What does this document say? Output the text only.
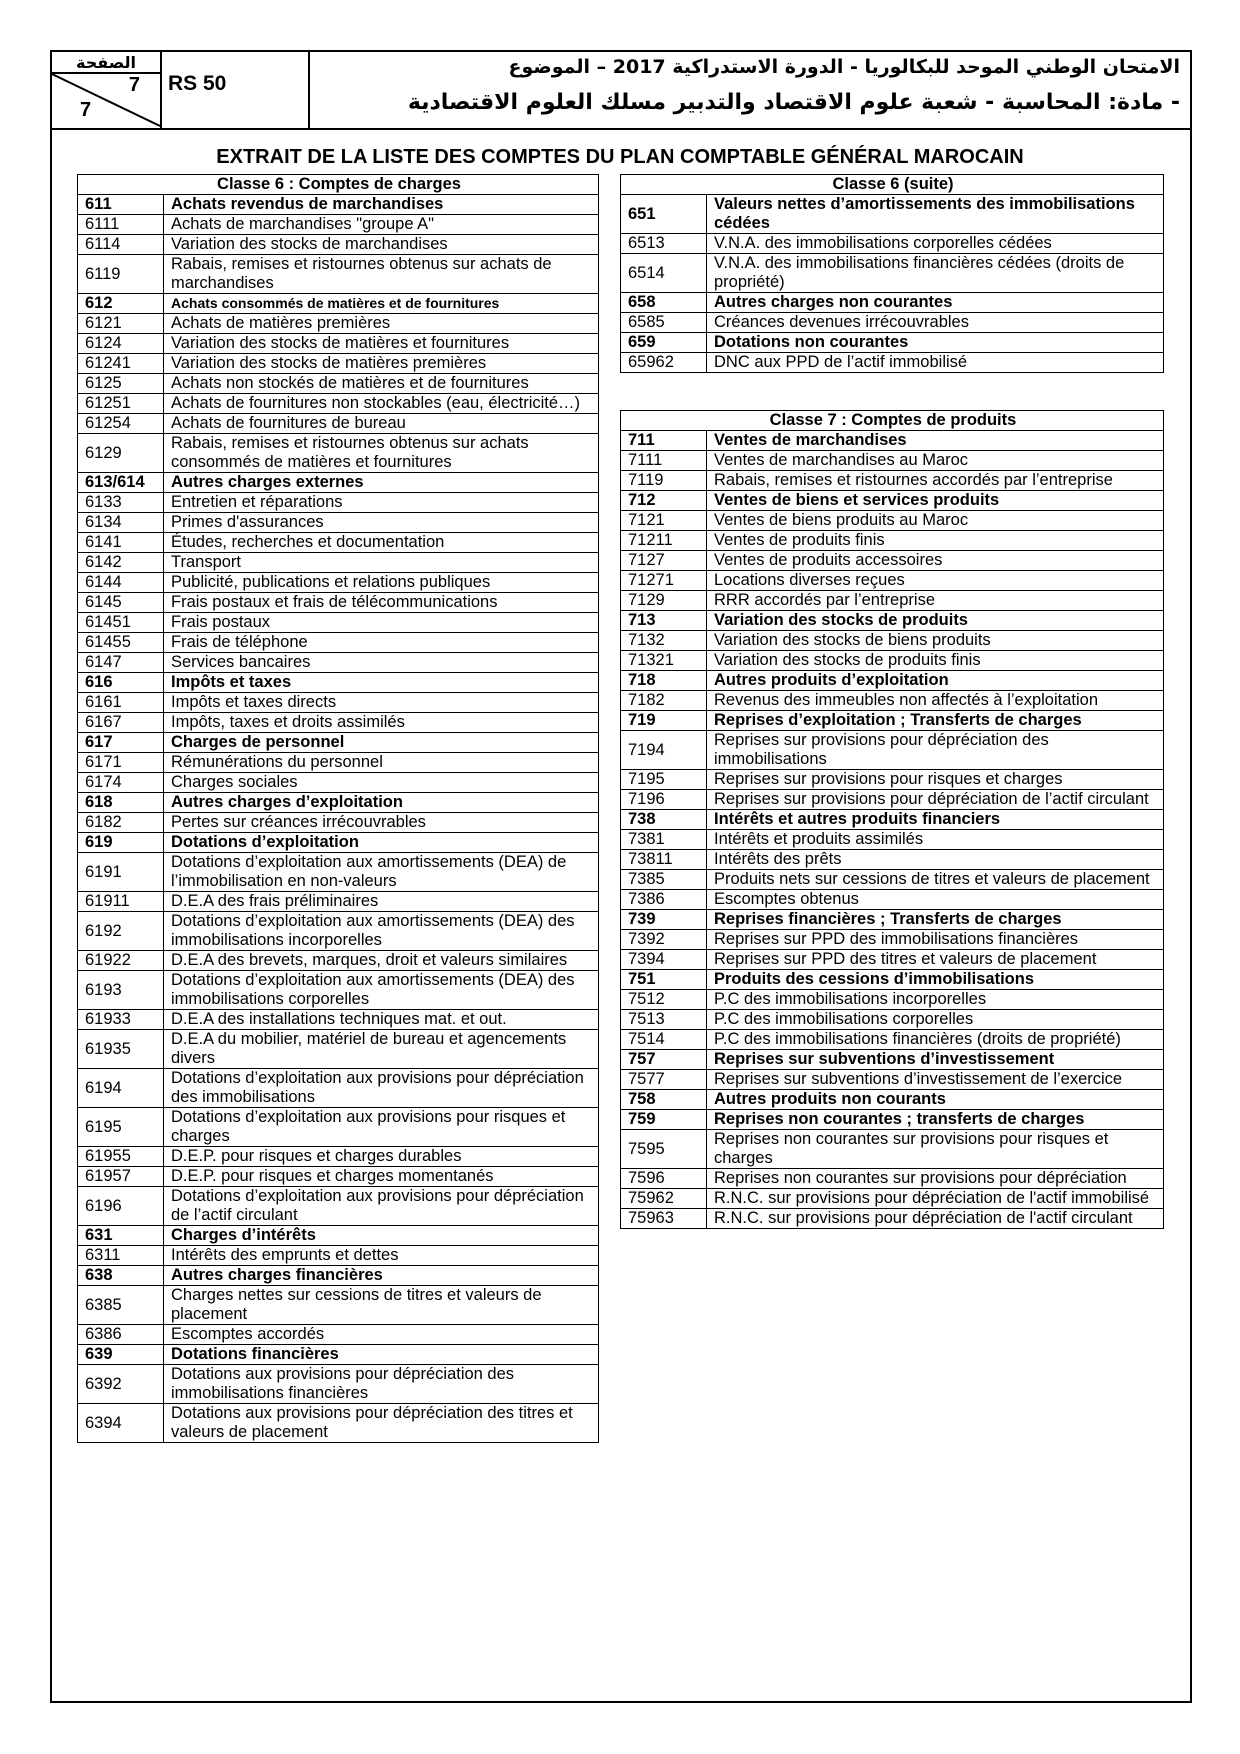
الصفحة
7
7
RS 50
الامتحان الوطني الموحد للبكالوريا - الدورة الاستدراكية 2017 – الموضوع
- مادة: المحاسبة - شعبة علوم الاقتصاد والتدبير مسلك العلوم الاقتصادية
EXTRAIT DE LA LISTE DES COMPTES DU PLAN COMPTABLE GÉNÉRAL MAROCAIN
Classe 6 : Comptes de charges	
611	Achats revendus de marchandises
6111	Achats de marchandises "groupe A"
6114	Variation des stocks de marchandises
6119	Rabais, remises et ristournes obtenus sur achats de marchandises
612	Achats consommés de matières et de fournitures
6121	Achats de matières premières
6124	Variation des stocks de matières et fournitures
61241	Variation des stocks de matières premières
6125	Achats non stockés de matières et de fournitures
61251	Achats de fournitures non stockables (eau, électricité…)
61254	Achats de fournitures de bureau
6129	Rabais, remises et ristournes obtenus sur achats consommés de matières et fournitures
613/614	Autres charges externes
6133	Entretien et réparations
6134	Primes d'assurances
6141	Études, recherches et documentation
6142	Transport
6144	Publicité, publications et relations publiques
6145	Frais postaux et frais de télécommunications
61451	Frais postaux
61455	Frais de téléphone
6147	Services bancaires
616	Impôts et taxes
6161	Impôts et taxes directs
6167	Impôts, taxes et droits assimilés
617	Charges de personnel
6171	Rémunérations du personnel
6174	Charges sociales
618	Autres charges d’exploitation
6182	Pertes sur créances irrécouvrables
619	Dotations d’exploitation
6191	Dotations d’exploitation aux amortissements (DEA) de l’immobilisation en non-valeurs
61911	D.E.A des frais préliminaires
6192	Dotations d’exploitation aux amortissements (DEA) des immobilisations incorporelles
61922	D.E.A des brevets, marques, droit et valeurs similaires
6193	Dotations d’exploitation aux amortissements (DEA) des immobilisations corporelles
61933	D.E.A des installations techniques mat. et out.
61935	D.E.A du mobilier, matériel de bureau et agencements divers
6194	Dotations d’exploitation aux provisions pour dépréciation des immobilisations
6195	Dotations d’exploitation aux provisions pour risques et charges
61955	D.E.P. pour risques et charges durables
61957	D.E.P. pour risques et charges momentanés
6196	Dotations d’exploitation aux provisions pour dépréciation de l’actif circulant
631	Charges d’intérêts
6311	Intérêts des emprunts et dettes
638	Autres charges financières
6385	Charges nettes sur cessions de titres et valeurs de placement
6386	Escomptes accordés
639	Dotations financières
6392	Dotations aux provisions pour dépréciation des immobilisations financières
6394	Dotations aux provisions pour dépréciation des titres et valeurs de placement
Classe 6 (suite)	
651	Valeurs nettes d’amortissements des immobilisations cédées
6513	V.N.A. des immobilisations corporelles cédées
6514	V.N.A. des immobilisations financières cédées (droits de propriété)
658	Autres charges non courantes
6585	Créances devenues irrécouvrables
659	Dotations non courantes
65962	DNC aux PPD de l’actif immobilisé
Classe 7 : Comptes de produits	
711	Ventes de marchandises
7111	Ventes de marchandises au Maroc
7119	Rabais, remises et ristournes accordés par l’entreprise
712	Ventes de biens et services produits
7121	Ventes de biens produits au Maroc
71211	Ventes de produits finis
7127	Ventes de produits accessoires
71271	Locations diverses reçues
7129	RRR accordés par l’entreprise
713	Variation des stocks de produits
7132	Variation des stocks de biens produits
71321	Variation des stocks de produits finis
718	Autres produits d’exploitation
7182	Revenus des immeubles non affectés à l’exploitation
719	Reprises d’exploitation ; Transferts de charges
7194	Reprises sur provisions pour dépréciation des immobilisations
7195	Reprises sur provisions pour risques et charges
7196	Reprises sur provisions pour dépréciation de l’actif circulant
738	Intérêts et autres produits financiers
7381	Intérêts et produits assimilés
73811	Intérêts des prêts
7385	Produits nets sur cessions de titres et valeurs de placement
7386	Escomptes obtenus
739	Reprises financières ; Transferts de charges
7392	Reprises sur PPD des immobilisations financières
7394	Reprises sur PPD des titres et valeurs de placement
751	Produits des cessions d’immobilisations
7512	P.C des immobilisations incorporelles
7513	P.C des immobilisations corporelles
7514	P.C des immobilisations financières (droits de propriété)
757	Reprises sur subventions d’investissement
7577	Reprises sur subventions d’investissement de l’exercice
758	Autres produits non courants
759	Reprises non courantes ; transferts de charges
7595	Reprises non courantes sur provisions pour risques et charges
7596	Reprises non courantes sur provisions pour dépréciation
75962	R.N.C. sur provisions pour dépréciation de l'actif immobilisé
75963	R.N.C. sur provisions pour dépréciation de l'actif circulant
